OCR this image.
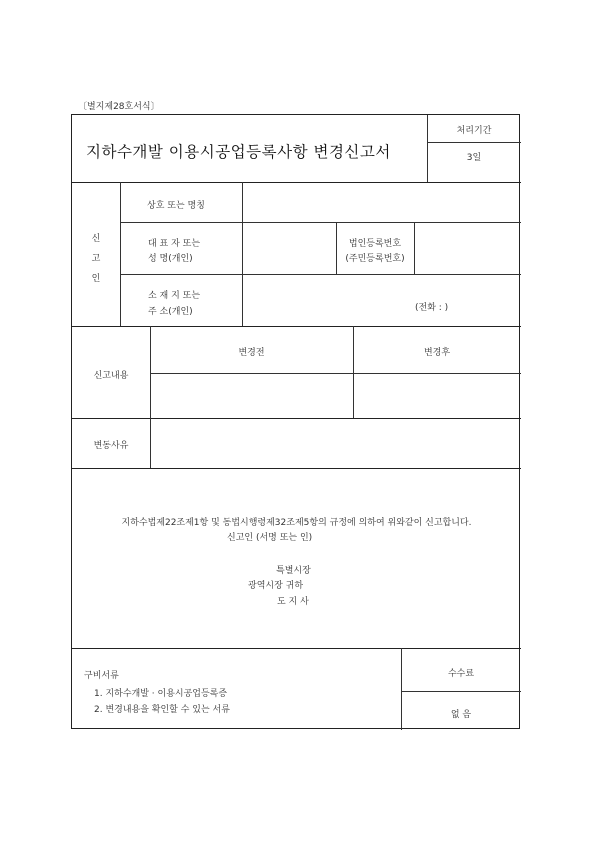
〔별지제28호서식〕
지하수개발 이용시공업등록사항 변경신고서
처리기간
3일
신
고
인
상호 또는 명칭
대 표 자 또는
성 명(개인)
법인등록번호
(주민등록번호)
소 재 지 또는
주 소(개인)	(전화 : )
신고내용
변경전	변경후
변동사유
지하수법제22조제1항 및 동법시행령제32조제5항의 규정에 의하여 위와같이 신고합니다.
신고인 (서명 또는 인)
특별시장
광역시장 귀하
도 지 사
구비서류
1. 지하수개발 · 이용시공업등록증
2. 변경내용을 확인할 수 있는 서류
수수료
없 음
